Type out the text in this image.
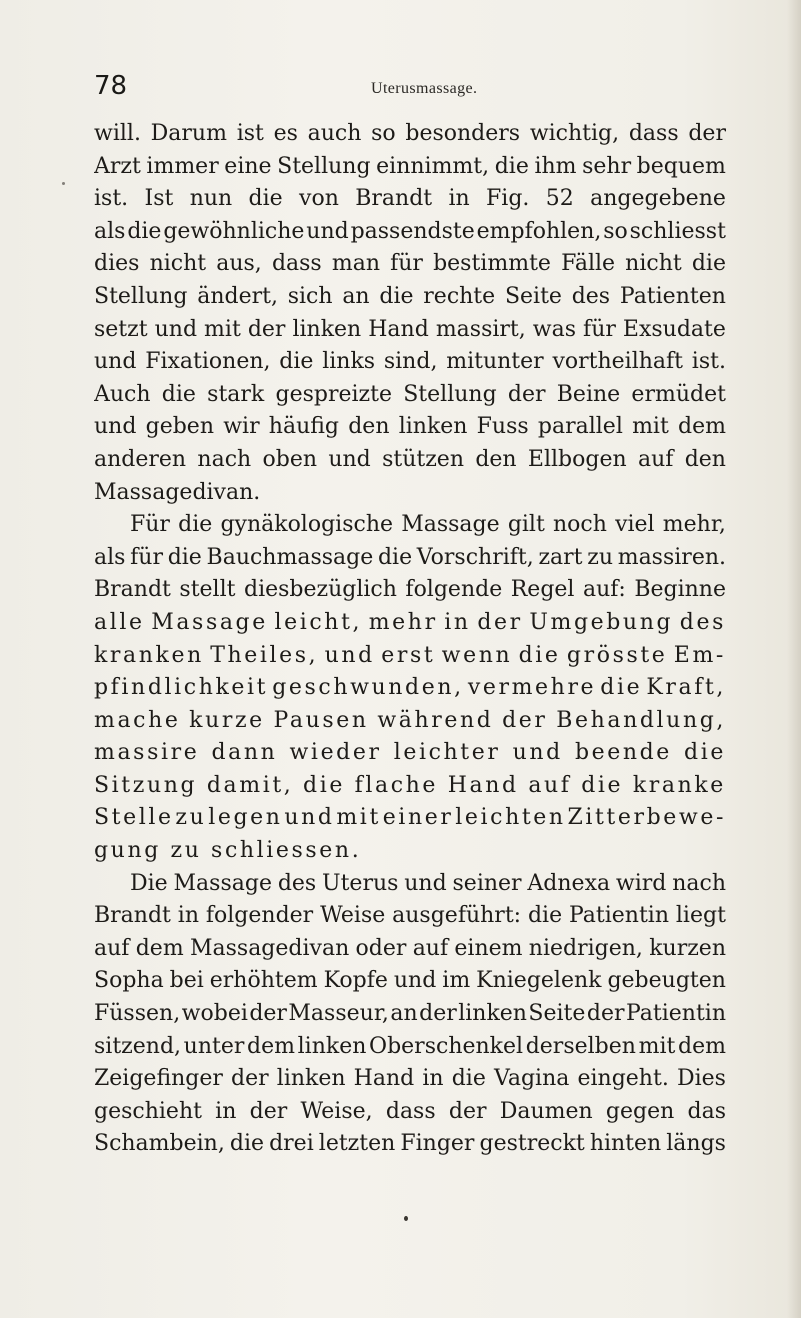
78	Uterusmassage.
will. Darum ist es auch so besonders wichtig, dass der
Arzt immer eine Stellung einnimmt, die ihm sehr bequem
ist. Ist nun die von Brandt in Fig. 52 angegebene
als die gewöhnliche und passendste empfohlen, so schliesst
dies nicht aus, dass man für bestimmte Fälle nicht die
Stellung ändert, sich an die rechte Seite des Patienten
setzt und mit der linken Hand massirt, was für Exsudate
und Fixationen, die links sind, mitunter vortheilhaft ist.
Auch die stark gespreizte Stellung der Beine ermüdet
und geben wir häufig den linken Fuss parallel mit dem
anderen nach oben und stützen den Ellbogen auf den
Massagedivan.
Für die gynäkologische Massage gilt noch viel mehr,
als für die Bauchmassage die Vorschrift, zart zu massiren.
Brandt stellt diesbezüglich folgende Regel auf: Beginne
alle Massage leicht, mehr in der Umgebung des
kranken Theiles, und erst wenn die grösste Em-
pfindlichkeit geschwunden, vermehre die Kraft,
mache kurze Pausen während der Behandlung,
massire dann wieder leichter und beende die
Sitzung damit, die flache Hand auf die kranke
Stelle zu legen und mit einer leichten Zitterbewe-
gung zu schliessen.
Die Massage des Uterus und seiner Adnexa wird nach
Brandt in folgender Weise ausgeführt: die Patientin liegt
auf dem Massagedivan oder auf einem niedrigen, kurzen
Sopha bei erhöhtem Kopfe und im Kniegelenk gebeugten
Füssen, wobei der Masseur, an der linken Seite der Patientin
sitzend, unter dem linken Oberschenkel derselben mit dem
Zeigefinger der linken Hand in die Vagina eingeht. Dies
geschieht in der Weise, dass der Daumen gegen das
Schambein, die drei letzten Finger gestreckt hinten längs
